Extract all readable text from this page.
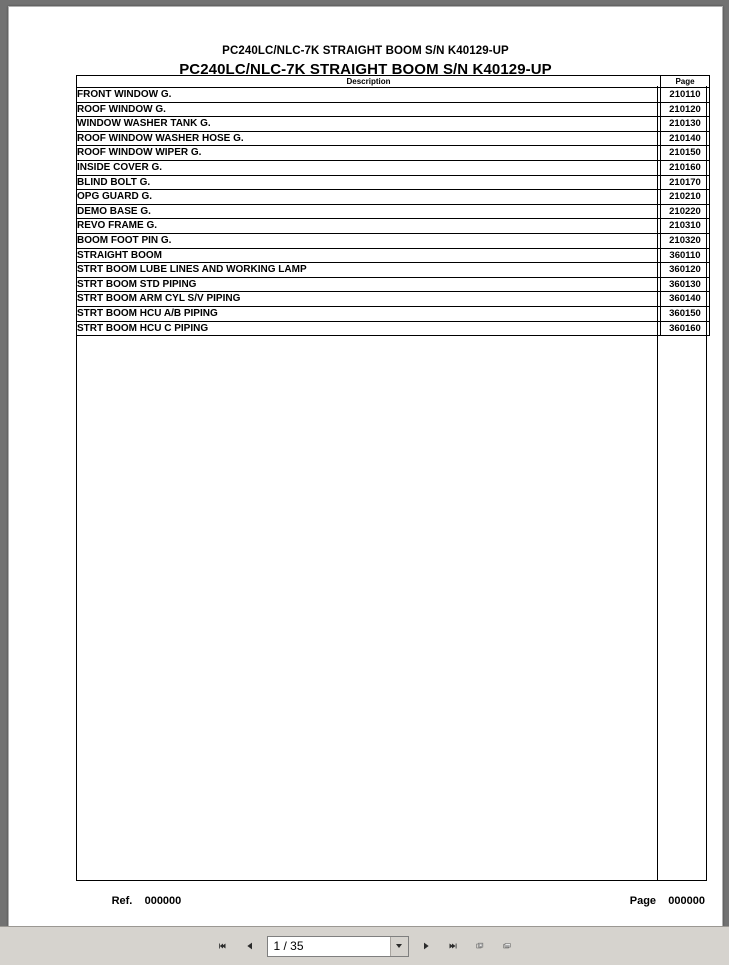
PC240LC/NLC-7K STRAIGHT BOOM S/N K40129-UP
PC240LC/NLC-7K STRAIGHT BOOM S/N K40129-UP
Description	Page
FRONT WINDOW G.	210110
ROOF WINDOW G.	210120
WINDOW WASHER TANK G.	210130
ROOF WINDOW WASHER HOSE G.	210140
ROOF WINDOW WIPER G.	210150
INSIDE COVER G.	210160
BLIND BOLT G.	210170
OPG GUARD G.	210210
DEMO BASE G.	210220
REVO FRAME G.	210310
BOOM FOOT PIN G.	210320
STRAIGHT BOOM	360110
STRT BOOM LUBE LINES AND WORKING LAMP	360120
STRT BOOM STD PIPING	360130
STRT BOOM ARM CYL S/V PIPING	360140
STRT BOOM HCU A/B PIPING	360150
STRT BOOM HCU C PIPING	360160

Ref. 000000
	Page 000000

1 / 35
